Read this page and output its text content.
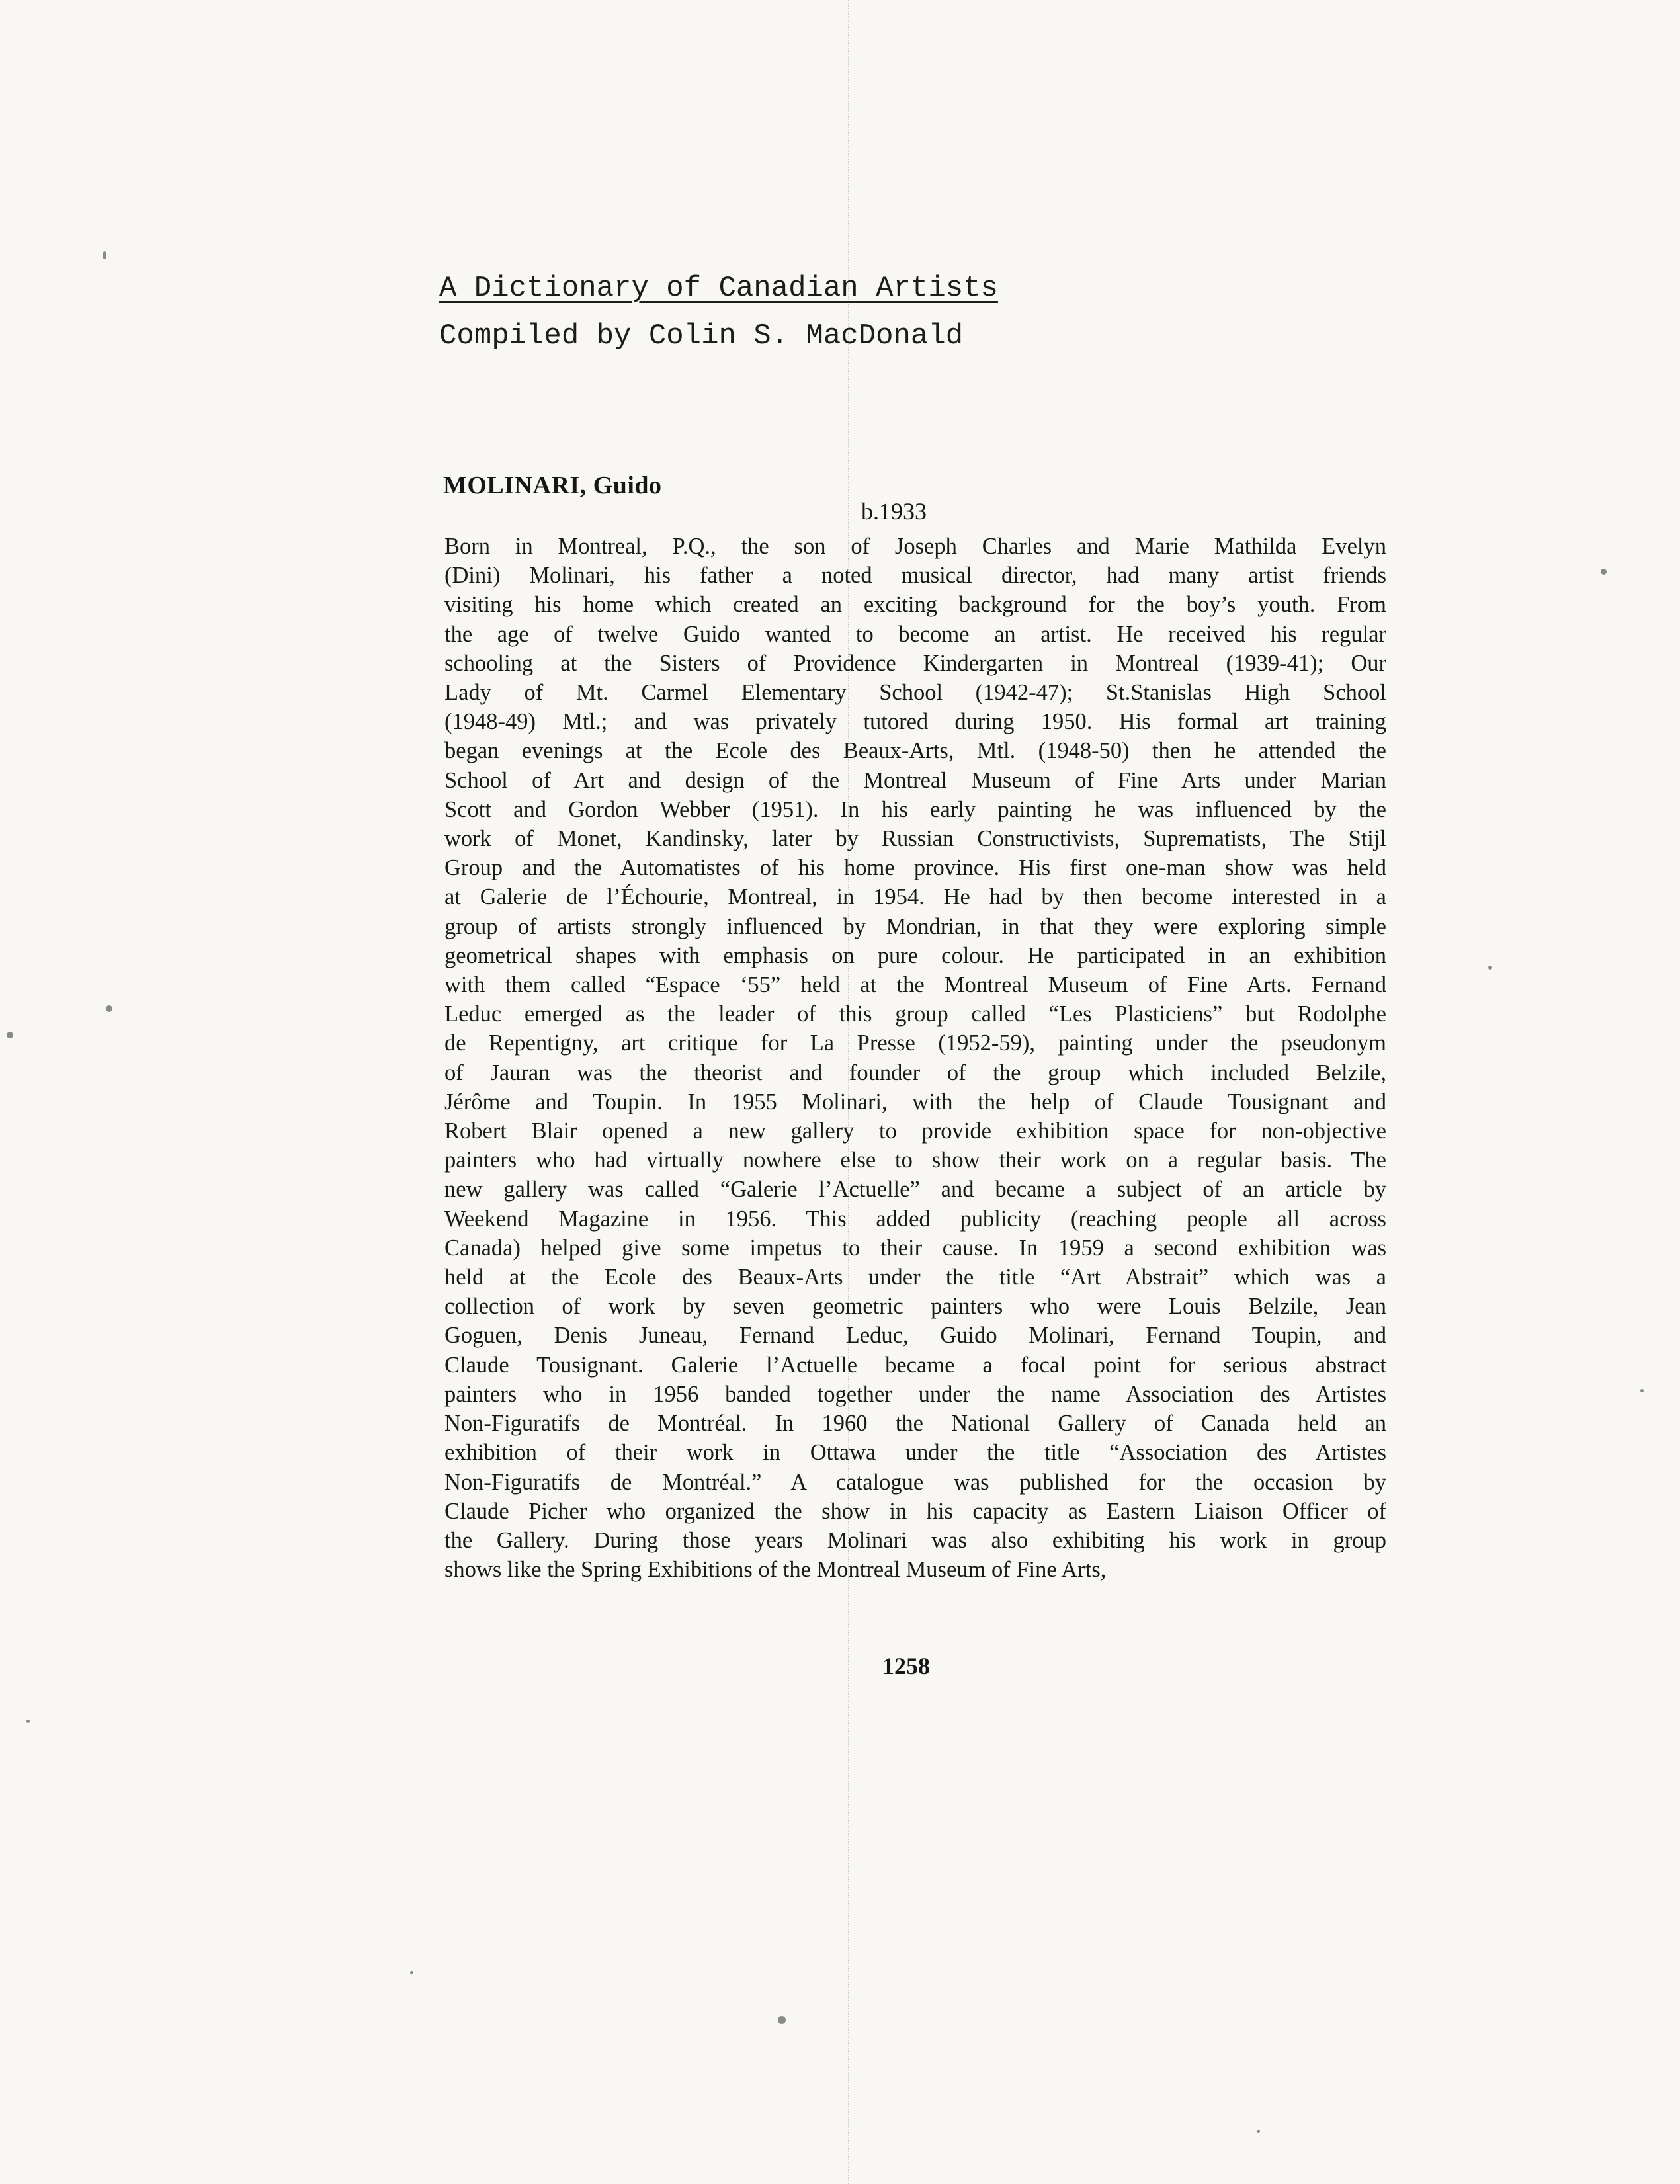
A Dictionary of Canadian Artists
Compiled by Colin S. MacDonald
MOLINARI, Guido
b.1933
Born in Montreal, P.Q., the son of Joseph Charles and Marie Mathilda Evelyn
(Dini) Molinari, his father a noted musical director, had many artist friends
visiting his home which created an exciting background for the boy’s youth. From
the age of twelve Guido wanted to become an artist. He received his regular
schooling at the Sisters of Providence Kindergarten in Montreal (1939-41); Our
Lady of Mt. Carmel Elementary School (1942-47); St.Stanislas High School
(1948-49) Mtl.; and was privately tutored during 1950. His formal art training
began evenings at the Ecole des Beaux-Arts, Mtl. (1948-50) then he attended the
School of Art and design of the Montreal Museum of Fine Arts under Marian
Scott and Gordon Webber (1951). In his early painting he was influenced by the
work of Monet, Kandinsky, later by Russian Constructivists, Suprematists, The Stijl
Group and the Automatistes of his home province. His first one-man show was held
at Galerie de l’Échourie, Montreal, in 1954. He had by then become interested in a
group of artists strongly influenced by Mondrian, in that they were exploring simple
geometrical shapes with emphasis on pure colour. He participated in an exhibition
with them called “Espace ‘55” held at the Montreal Museum of Fine Arts. Fernand
Leduc emerged as the leader of this group called “Les Plasticiens” but Rodolphe
de Repentigny, art critique for La Presse (1952-59), painting under the pseudonym
of Jauran was the theorist and founder of the group which included Belzile,
Jérôme and Toupin. In 1955 Molinari, with the help of Claude Tousignant and
Robert Blair opened a new gallery to provide exhibition space for non-objective
painters who had virtually nowhere else to show their work on a regular basis. The
new gallery was called “Galerie l’Actuelle” and became a subject of an article by
Weekend Magazine in 1956. This added publicity (reaching people all across
Canada) helped give some impetus to their cause. In 1959 a second exhibition was
held at the Ecole des Beaux-Arts under the title “Art Abstrait” which was a
collection of work by seven geometric painters who were Louis Belzile, Jean
Goguen, Denis Juneau, Fernand Leduc, Guido Molinari, Fernand Toupin, and
Claude Tousignant. Galerie l’Actuelle became a focal point for serious abstract
painters who in 1956 banded together under the name Association des Artistes
Non-Figuratifs de Montréal. In 1960 the National Gallery of Canada held an
exhibition of their work in Ottawa under the title “Association des Artistes
Non-Figuratifs de Montréal.” A catalogue was published for the occasion by
Claude Picher who organized the show in his capacity as Eastern Liaison Officer of
the Gallery. During those years Molinari was also exhibiting his work in group
shows like the Spring Exhibitions of the Montreal Museum of Fine Arts,
1258
